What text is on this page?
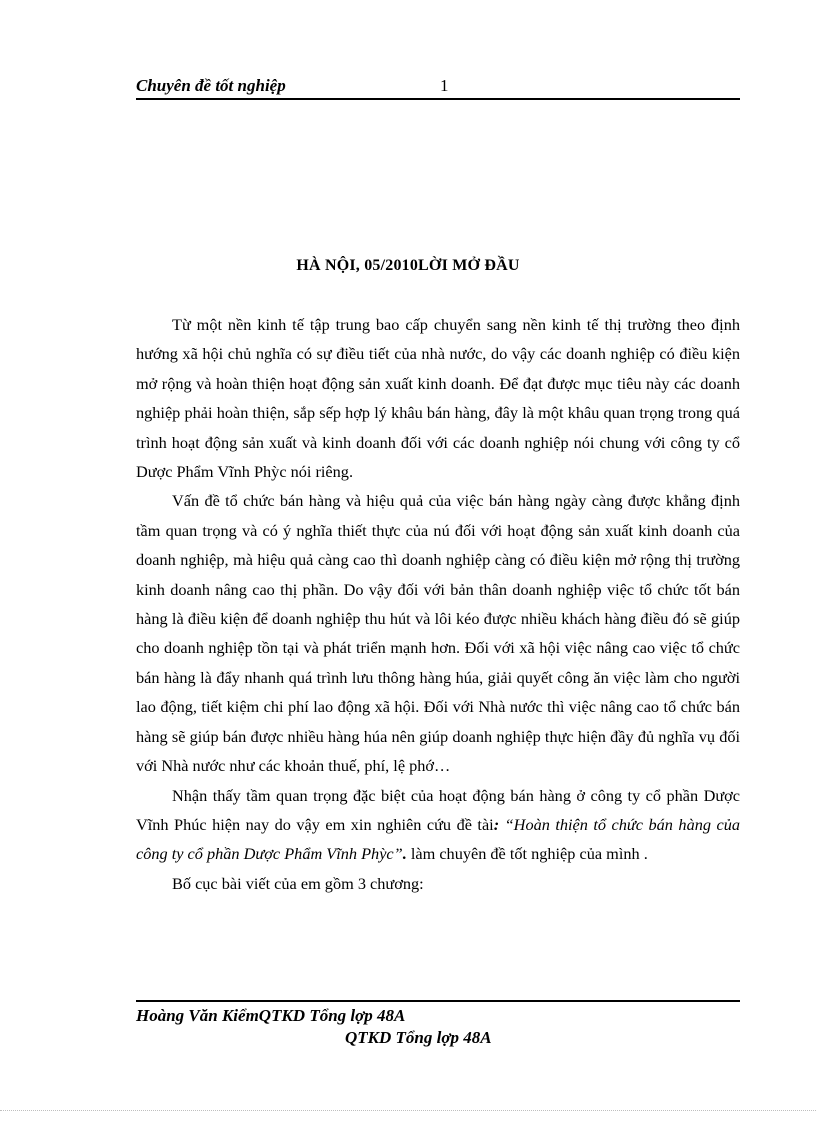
Chuyên đề tốt nghiệp	1
HÀ NỘI, 05/2010LỜI MỞ ĐẦU

Từ một nền kinh tế tập trung bao cấp chuyển sang nền kinh tế thị trường theo định hướng xã hội chủ nghĩa có sự điều tiết của nhà nước, do vậy các doanh nghiệp có điều kiện mở rộng và hoàn thiện hoạt động sản xuất kinh doanh. Để đạt được mục tiêu này các doanh nghiệp phải hoàn thiện, sắp sếp hợp lý khâu bán hàng, đây là một khâu quan trọng trong quá trình hoạt động sản xuất và kinh doanh đối với các doanh nghiệp nói chung với công ty cổ Dược Phẩm Vĩnh Phỳc nói riêng.

Vấn đề tổ chức bán hàng và hiệu quả của việc bán hàng ngày càng được khẳng định tầm quan trọng và có ý nghĩa thiết thực của nú đối với hoạt động sản xuất kinh doanh của doanh nghiệp, mà hiệu quả càng cao thì doanh nghiệp càng có điều kiện mở rộng thị trường kinh doanh nâng cao thị phần. Do vậy đối với bản thân doanh nghiệp việc tổ chức tốt bán hàng là điều kiện để doanh nghiệp thu hút và lôi kéo được nhiều khách hàng điều đó sẽ giúp cho doanh nghiệp tồn tại và phát triển mạnh hơn. Đối với xã hội việc nâng cao việc tổ chức bán hàng là đẩy nhanh quá trình lưu thông hàng húa, giải quyết công ăn việc làm cho người lao động, tiết kiệm chi phí lao động xã hội. Đối với Nhà nước thì việc nâng cao tổ chức bán hàng sẽ giúp bán được nhiều hàng húa nên giúp doanh nghiệp thực hiện đầy đủ nghĩa vụ đối với Nhà nước như các khoản thuế, phí, lệ phớ…

Nhận thấy tầm quan trọng đặc biệt của hoạt động bán hàng ở công ty cổ phần Dược Vĩnh Phúc hiện nay do vậy em xin nghiên cứu đề tài: “Hoàn thiện tổ chức bán hàng của công ty cổ phần Dược Phẩm Vĩnh Phỳc”. làm chuyên đề tốt nghiệp của mình .

Bố cục bài viết của em gồm 3 chương:

Hoàng Văn KiểmQTKD Tổng lợp 48A
QTKD Tổng lợp 48A
